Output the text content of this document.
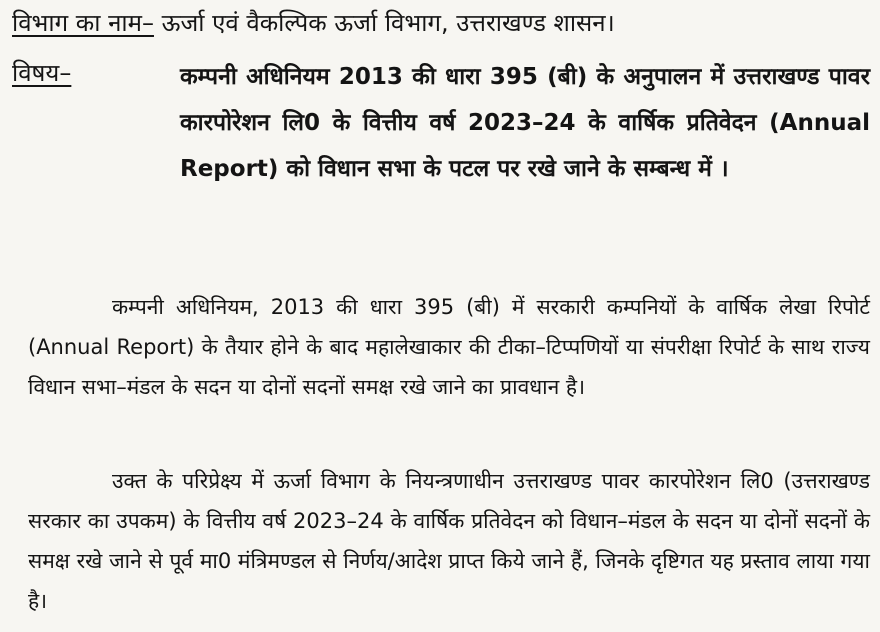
विभाग का नाम– ऊर्जा एवं वैकल्पिक ऊर्जा विभाग, उत्तराखण्ड शासन।
विषय–	कम्पनी अधिनियम 2013 की धारा 395 (बी) के अनुपालन में उत्तराखण्ड पावर कारपोरेशन लि0 के वित्तीय वर्ष 2023–24 के वार्षिक प्रतिवेदन (Annual Report) को विधान सभा के पटल पर रखे जाने के सम्बन्ध में ।

कम्पनी अधिनियम, 2013 की धारा 395 (बी) में सरकारी कम्पनियों के वार्षिक लेखा रिपोर्ट (Annual Report) के तैयार होने के बाद महालेखाकार की टीका–टिप्पणियों या संपरीक्षा रिपोर्ट के साथ राज्य विधान सभा–मंडल के सदन या दोनों सदनों समक्ष रखे जाने का प्रावधान है।

उक्त के परिप्रेक्ष्य में ऊर्जा विभाग के नियन्त्रणाधीन उत्तराखण्ड पावर कारपोरेशन लि0 (उत्तराखण्ड सरकार का उपकम) के वित्तीय वर्ष 2023–24 के वार्षिक प्रतिवेदन को विधान–मंडल के सदन या दोनों सदनों के समक्ष रखे जाने से पूर्व मा0 मंत्रिमण्डल से निर्णय/आदेश प्राप्त किये जाने हैं, जिनके दृष्टिगत यह प्रस्ताव लाया गया है।
